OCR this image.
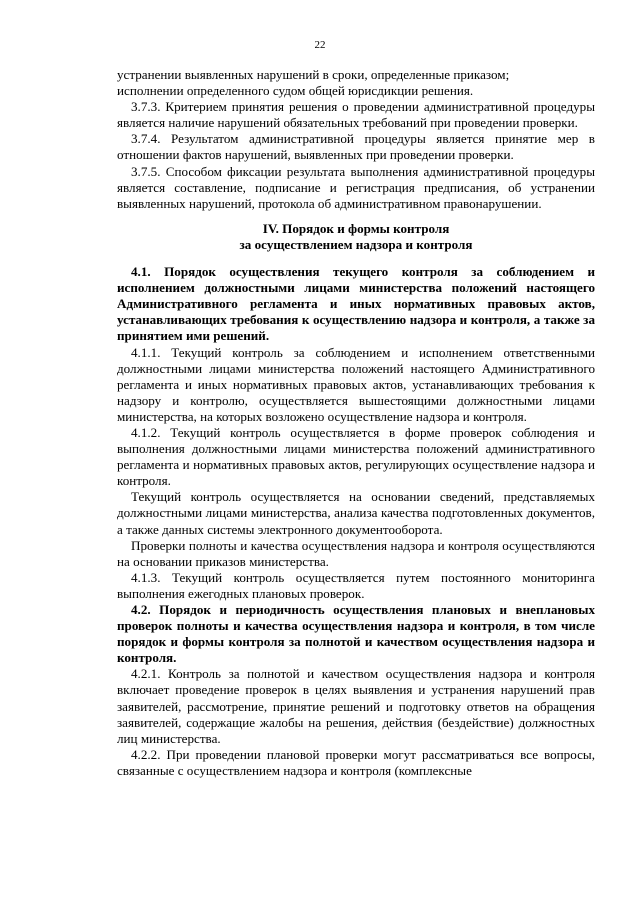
22

устранении выявленных нарушений в сроки, определенные приказом;

исполнении определенного судом общей юрисдикции решения.

3.7.3. Критерием принятия решения о проведении административной процедуры является наличие нарушений обязательных требований при проведении проверки.

3.7.4. Результатом административной процедуры является принятие мер в отношении фактов нарушений, выявленных при проведении проверки.

3.7.5. Способом фиксации результата выполнения административной процедуры является составление, подписание и регистрация предписания, об устранении выявленных нарушений, протокола об административном правонарушении.

IV. Порядок и формы контроля
за осуществлением надзора и контроля

4.1. Порядок осуществления текущего контроля за соблюдением и исполнением должностными лицами министерства положений настоящего Административного регламента и иных нормативных правовых актов, устанавливающих требования к осуществлению надзора и контроля, а также за принятием ими решений.

4.1.1. Текущий контроль за соблюдением и исполнением ответственными должностными лицами министерства положений настоящего Административного регламента и иных нормативных правовых актов, устанавливающих требования к надзору и контролю, осуществляется вышестоящими должностными лицами министерства, на которых возложено осуществление надзора и контроля.

4.1.2. Текущий контроль осуществляется в форме проверок соблюдения и выполнения должностными лицами министерства положений административного регламента и нормативных правовых актов, регулирующих осуществление надзора и контроля.

Текущий контроль осуществляется на основании сведений, представляемых должностными лицами министерства, анализа качества подготовленных документов, а также данных системы электронного документооборота.

Проверки полноты и качества осуществления надзора и контроля осуществляются на основании приказов министерства.

4.1.3. Текущий контроль осуществляется путем постоянного мониторинга выполнения ежегодных плановых проверок.

4.2. Порядок и периодичность осуществления плановых и внеплановых проверок полноты и качества осуществления надзора и контроля, в том числе порядок и формы контроля за полнотой и качеством осуществления надзора и контроля.

4.2.1. Контроль за полнотой и качеством осуществления надзора и контроля включает проведение проверок в целях выявления и устранения нарушений прав заявителей, рассмотрение, принятие решений и подготовку ответов на обращения заявителей, содержащие жалобы на решения, действия (бездействие) должностных лиц министерства.

4.2.2. При проведении плановой проверки могут рассматриваться все вопросы, связанные с осуществлением надзора и контроля (комплексные
